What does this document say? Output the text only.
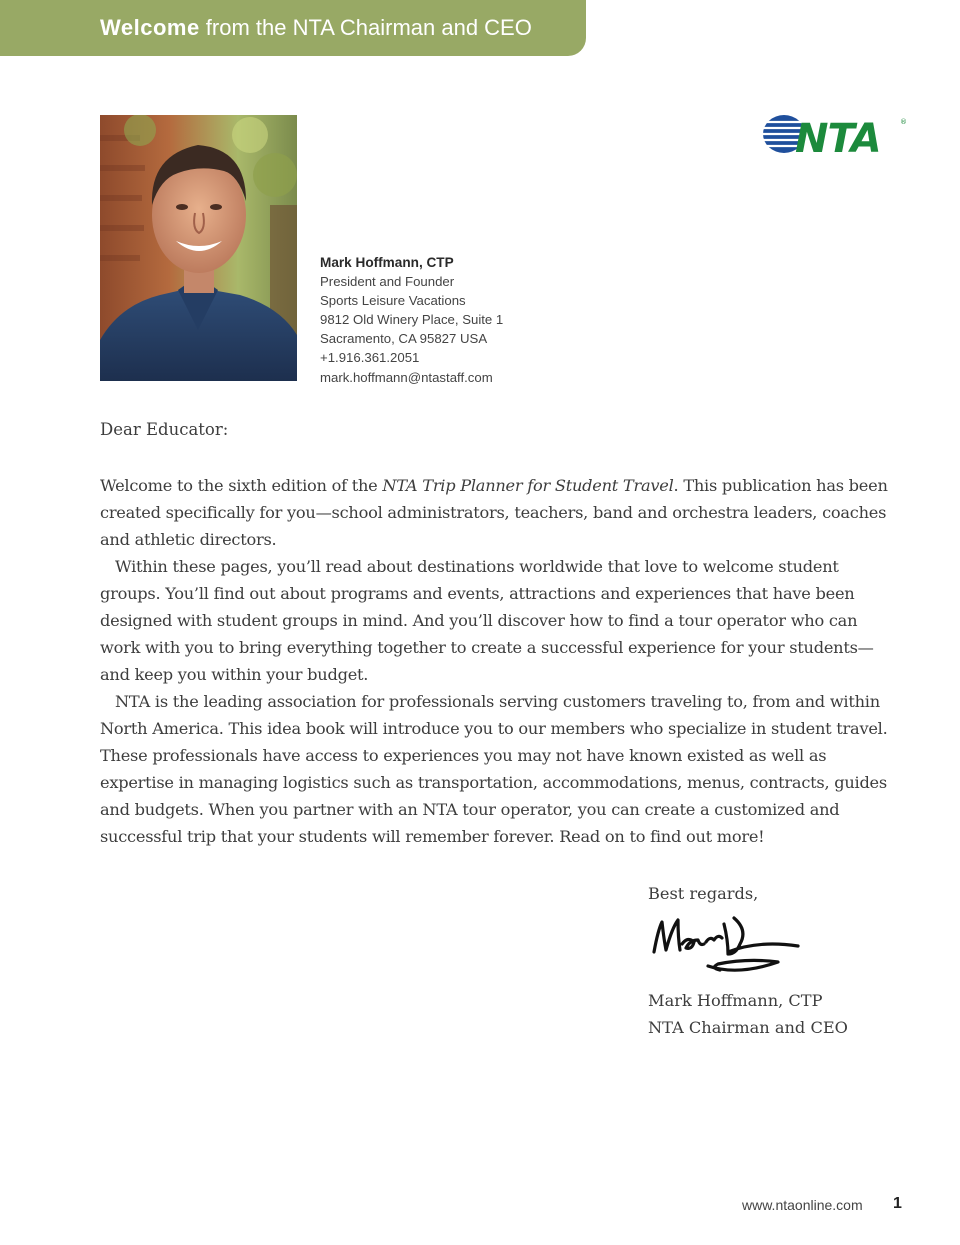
Welcome from the NTA Chairman and CEO
NTA	®
Mark Hoffmann, CTP
President and Founder
Sports Leisure Vacations
9812 Old Winery Place, Suite 1
Sacramento, CA 95827 USA
+1.916.361.2051
mark.hoffmann@ntastaff.com
Dear Educator:

Welcome to the sixth edition of the NTA Trip Planner for Student Travel. This publication has been created specifically for you—school administrators, teachers, band and orchestra leaders, coaches and athletic directors.

Within these pages, you’ll read about destinations worldwide that love to welcome student groups. You’ll find out about programs and events, attractions and experiences that have been designed with student groups in mind. And you’ll discover how to find a tour operator who can work with you to bring everything together to create a successful experience for your students—and keep you within your budget.

NTA is the leading association for professionals serving customers traveling to, from and within North America. This idea book will introduce you to our members who specialize in student travel. These professionals have access to experiences you may not have known existed as well as expertise in managing logistics such as transportation, accommodations, menus, contracts, guides and budgets. When you partner with an NTA tour operator, you can create a customized and successful trip that your students will remember forever. Read on to find out more!

Best regards,
Mark Hoffmann, CTP
NTA Chairman and CEO
www.ntaonline.com 1
